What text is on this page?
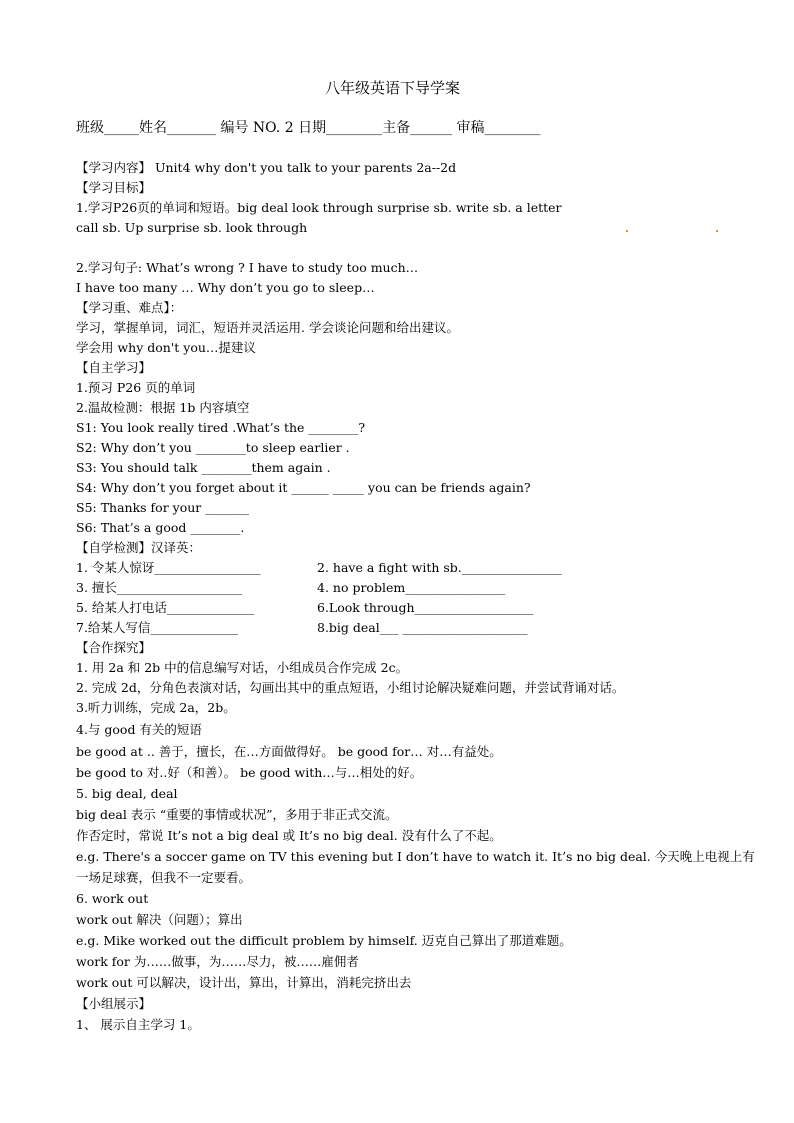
八年级英语下导学案
班级_____姓名_______ 编号 NO. 2 日期________主备______ 审稿________
【学习内容】 Unit4 why don't you talk to your parents 2a--2d
【学习目标】
1.学习P26页的单词和短语。big deal look through surprise sb. write sb. a letter
call sb. Up surprise sb. look through
2.学习句子: What’s wrong ? I have to study too much…
I have too many … Why don’t you go to sleep…
【学习重、难点】：
学习，掌握单词，词汇，短语并灵活运用. 学会谈论问题和给出建议。
学会用 why don't you…提建议
【自主学习】
1.预习 P26 页的单词
2.温故检测：根据 1b 内容填空
S1: You look really tired .What’s the ________?
S2: Why don’t you ________to sleep earlier .
S3: You should talk ________them again .
S4: Why don’t you forget about it ______ _____ you can be friends again?
S5: Thanks for your _______
S6: That’s a good ________.
【自学检测】汉译英：
1. 令某人惊讶_________________	2. have a fight with sb.________________
3. 擅长____________________	4. no problem________________
5. 给某人打电话______________	6.Look through___________________
7.给某人写信______________	8.big deal___ ____________________
【合作探究】
1. 用 2a 和 2b 中的信息编写对话，小组成员合作完成 2c。
2. 完成 2d，分角色表演对话，勾画出其中的重点短语，小组讨论解决疑难问题，并尝试背诵对话。
3.听力训练，完成 2a，2b。
4.与 good 有关的短语
be good at .. 善于，擅长，在…方面做得好。 be good for… 对…有益处。
be good to 对..好（和善）。 be good with…与…相处的好。
5. big deal, deal
big deal 表示 “重要的事情或状况”，多用于非正式交流。
作否定时，常说 It’s not a big deal 或 It’s no big deal. 没有什么了不起。
e.g. There's a soccer game on TV this evening but I don’t have to watch it. It’s no big deal. 今天晚上电视上有
一场足球赛，但我不一定要看。
6. work out
work out 解决（问题）；算出
e.g. Mike worked out the difficult problem by himself. 迈克自己算出了那道难题。
work for 为……做事，为……尽力，被……雇佣者
work out 可以解决，设计出，算出，计算出，消耗完挤出去
【小组展示】
1、 展示自主学习 1。
